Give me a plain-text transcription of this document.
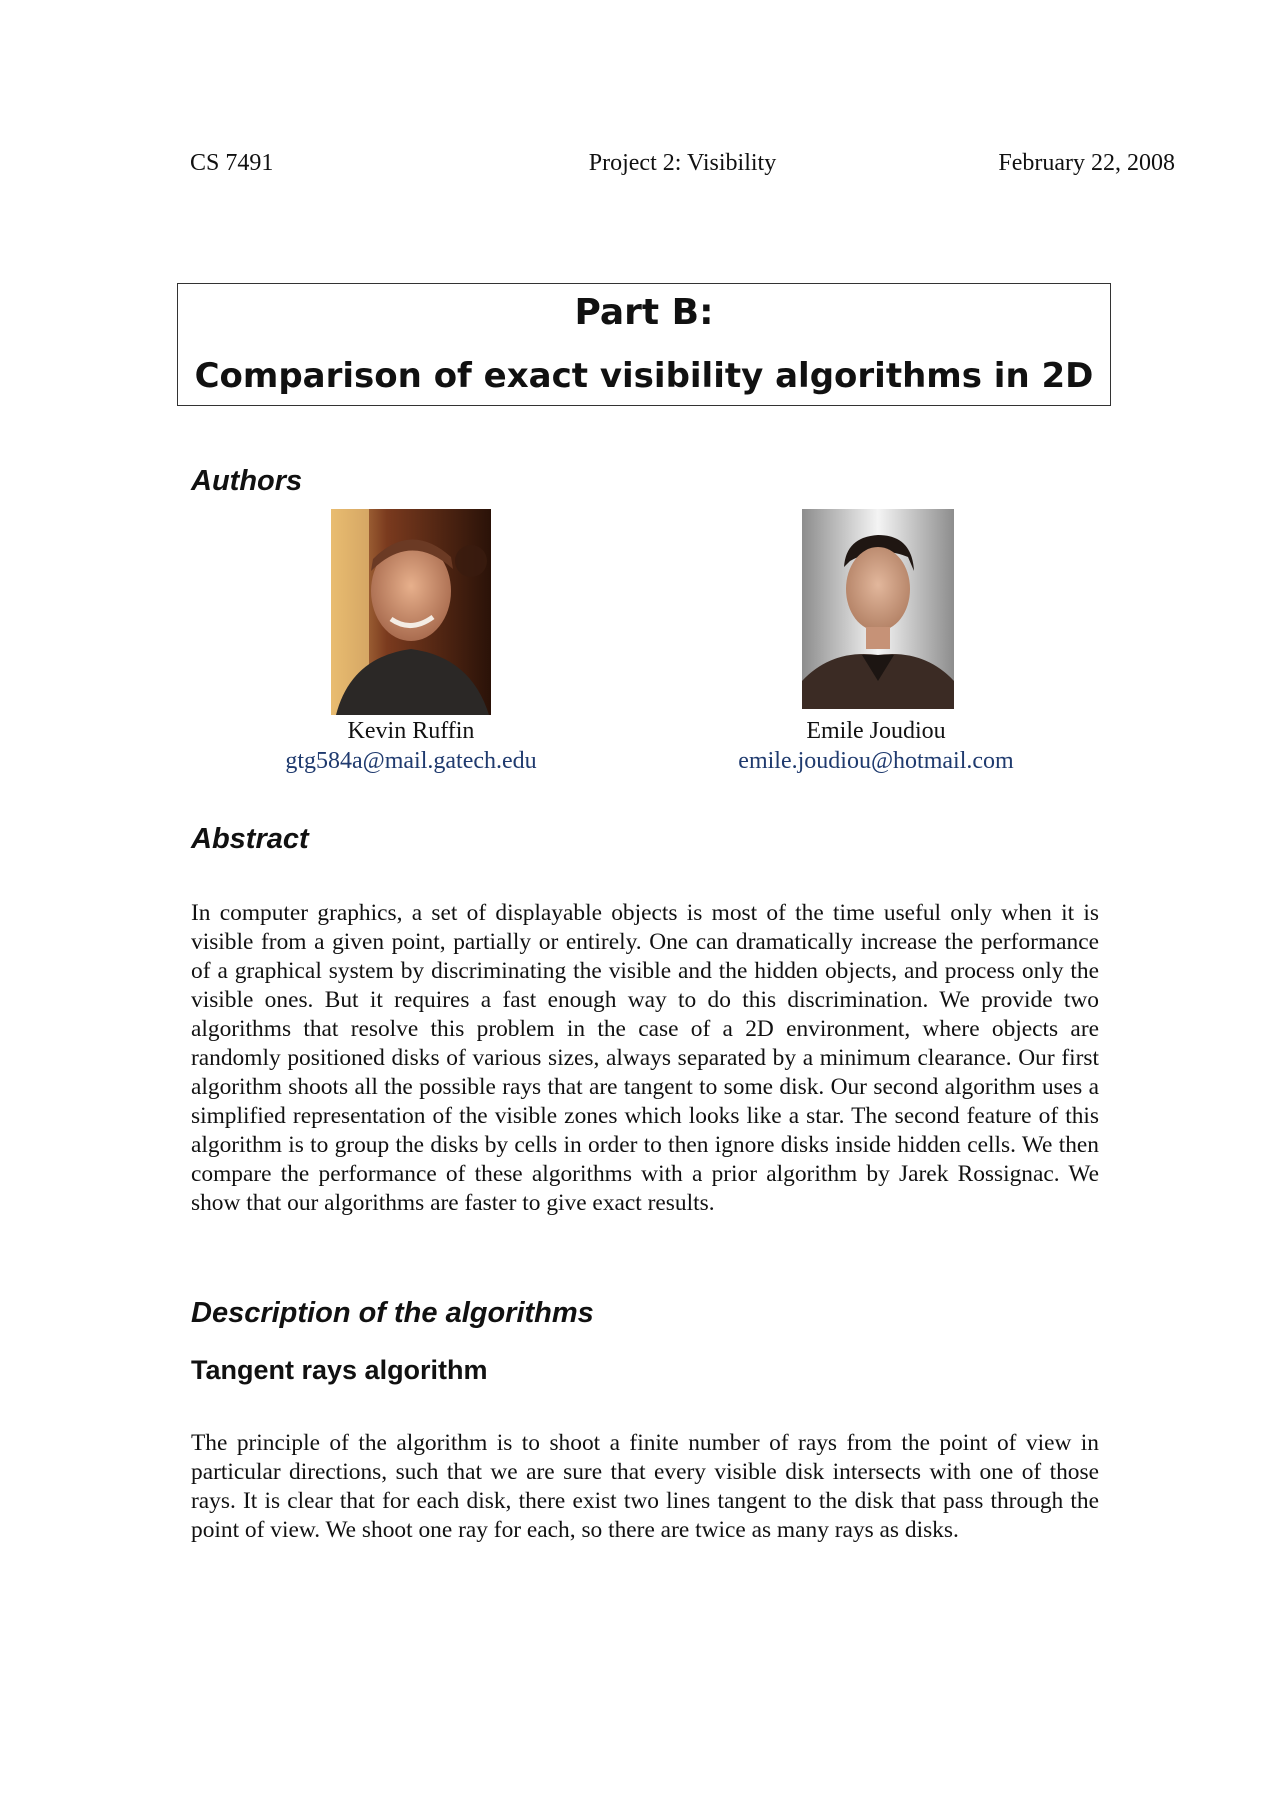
CS 7491	Project 2: Visibility	February 22, 2008
Part B:
Comparison of exact visibility algorithms in 2D
Authors
Kevin Ruffin
gtg584a@mail.gatech.edu
Emile Joudiou
emile.joudiou@hotmail.com
Abstract
In computer graphics, a set of displayable objects is most of the time useful only when it is visible from a given point, partially or entirely. One can dramatically increase the performance of a graphical system by discriminating the visible and the hidden objects, and process only the visible ones. But it requires a fast enough way to do this discrimination. We provide two algorithms that resolve this problem in the case of a 2D environment, where objects are randomly positioned disks of various sizes, always separated by a minimum clearance. Our first algorithm shoots all the possible rays that are tangent to some disk. Our second algorithm uses a simplified representation of the visible zones which looks like a star. The second feature of this algorithm is to group the disks by cells in order to then ignore disks inside hidden cells. We then compare the performance of these algorithms with a prior algorithm by Jarek Rossignac. We show that our algorithms are faster to give exact results.
Description of the algorithms
Tangent rays algorithm
The principle of the algorithm is to shoot a finite number of rays from the point of view in particular directions, such that we are sure that every visible disk intersects with one of those rays. It is clear that for each disk, there exist two lines tangent to the disk that pass through the point of view. We shoot one ray for each, so there are twice as many rays as disks.
